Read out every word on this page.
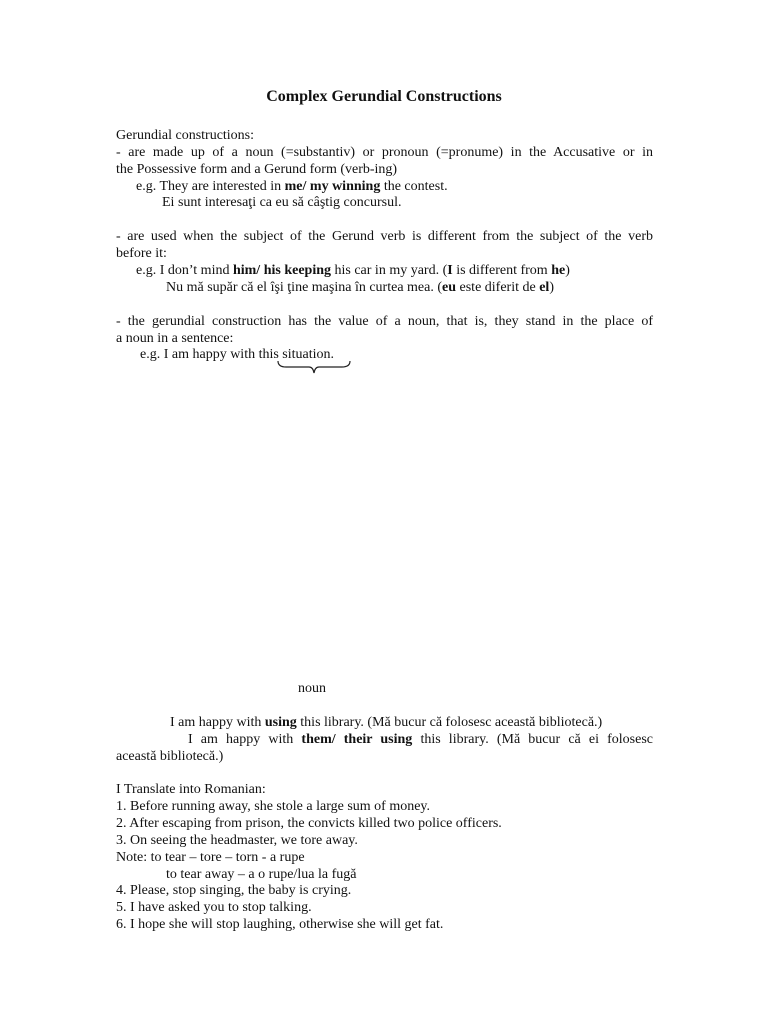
Complex Gerundial Constructions
Gerundial constructions:
- are made up of a noun (=substantiv) or pronoun (=pronume) in the Accusative or in
the Possessive form and a Gerund form (verb-ing)
e.g. They are interested in me/ my winning the contest.
Ei sunt interesaţi ca eu să câştig concursul.
- are used when the subject of the Gerund verb is different from the subject of the verb
before it:
e.g. I don’t mind him/ his keeping his car in my yard. (I is different from he)
Nu mă supăr că el îşi ţine maşina în curtea mea. (eu este diferit de el)
- the gerundial construction has the value of a noun, that is, they stand in the place of
a noun in a sentence:
e.g. I am happy with this situation.
noun
I am happy with using this library. (Mă bucur că folosesc această bibliotecă.)
I am happy with them/ their using this library. (Mă bucur că ei folosesc
această bibliotecă.)
I Translate into Romanian:
1. Before running away, she stole a large sum of money.
2. After escaping from prison, the convicts killed two police officers.
3. On seeing the headmaster, we tore away.
Note: to tear – tore – torn - a rupe
to tear away – a o rupe/lua la fugă
4. Please, stop singing, the baby is crying.
5. I have asked you to stop talking.
6. I hope she will stop laughing, otherwise she will get fat.
